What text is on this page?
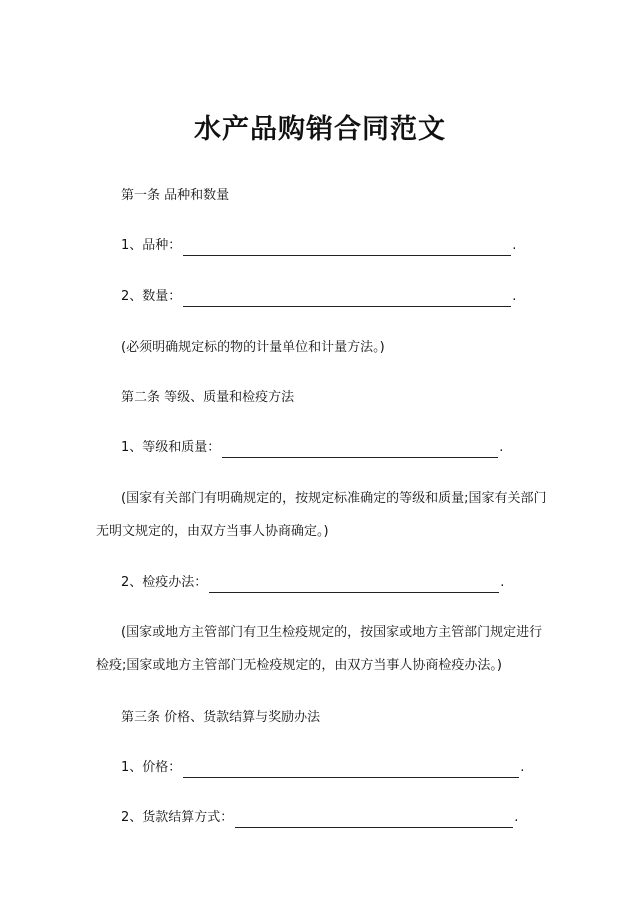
水产品购销合同范文
第一条 品种和数量
1、品种：	.
2、数量：	.
(必须明确规定标的物的计量单位和计量方法。)
第二条 等级、质量和检疫方法
1、等级和质量：	.
(国家有关部门有明确规定的，按规定标准确定的等级和质量;国家有关部门
无明文规定的，由双方当事人协商确定。)
2、检疫办法：	.
(国家或地方主管部门有卫生检疫规定的，按国家或地方主管部门规定进行
检疫;国家或地方主管部门无检疫规定的，由双方当事人协商检疫办法。)
第三条 价格、货款结算与奖励办法
1、价格：	.
2、货款结算方式：	.
